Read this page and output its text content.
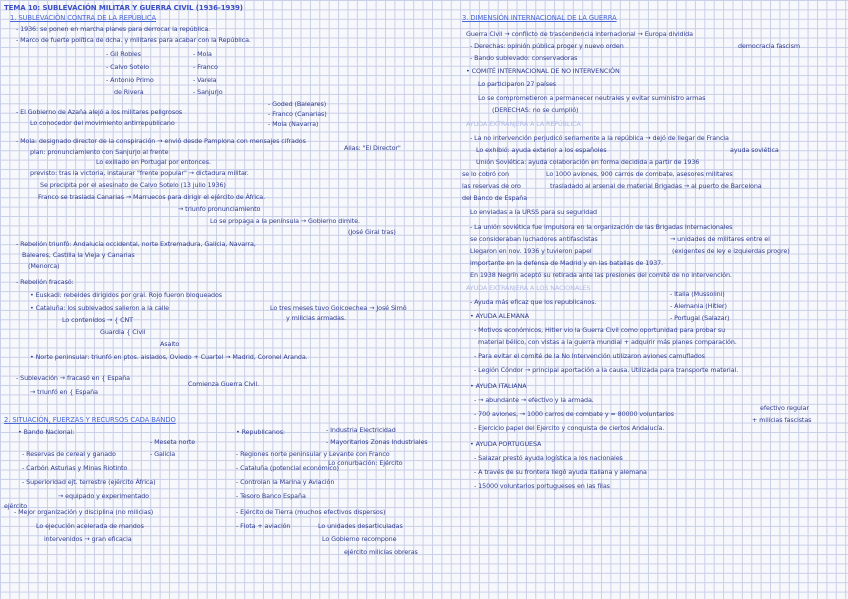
TEMA 10: SUBLEVACIÓN MILITAR Y GUERRA CIVIL (1936-1939)
1. SUBLEVACIÓN CONTRA DE LA REPÚBLICA
- 1936: se ponen en marcha planes para derrocar la república.
- Marco de fuerte política de dcha. y militares para acabar con la República.
- Gil Robles	- Mola
- Calvo Sotelo	- Franco
- Antonio Primo	- Varela
de Rivera	- Sanjurjo
- Goded (Baleares)
- El Gobierno de Azaña alejó a los militares peligrosos	- Franco (Canarias)
Lo conocedor del movimiento antirrepublicano	- Mola (Navarra)
- Mola: designado director de la conspiración → envió desde Pamplona con mensajes cifrados
Alias: "El Director"
plan: pronunciamiento con Sanjurjo al frente
Lo exiliado en Portugal por entonces.
previsto: tras la victoria, instaurar "frente popular" → dictadura militar.
Se precipita por el asesinato de Calvo Sotelo (13 julio 1936)
Franco se traslada Canarias → Marruecos para dirigir el ejército de África.
→ triunfo pronunciamiento
Lo se propaga a la península → Gobierno dimite.
(José Giral tras)
- Rebelión triunfó: Andalucía occidental, norte Extremadura, Galicia, Navarra,
Baleares, Castilla la Vieja y Canarias
(Menorca)
- Rebelión fracasó:
• Euskadi: rebeldes dirigidos por gral. Rojo fueron bloqueados
• Cataluña: los sublevados salieron a la calle	Lo tres meses tuvo Goicoechea → José Simó
Lo contenidos → { CNT	y milicias armadas.
Guardia { Civil
Asalto
• Norte peninsular: triunfó en ptos. aislados, Oviedo + Cuartel → Madrid, Coronel Aranda.
- Sublevación → fracasó en { España
→ triunfó en { España
Comienza Guerra Civil.
2. SITUACIÓN, FUERZAS Y RECURSOS CADA BANDO
• Bando Nacional:	• Republicanos:	- Industria Electricidad
- Meseta norte	- Mayoritarios Zonas Industriales
- Reservas de cereal y ganado	- Galicia	- Regiones norte peninsular y Levante con Franco
Lo conurbación: Ejército
- Carbón Asturias y Minas Riotinto	- Cataluña (potencial económico)
- Superioridad ejt. terrestre (ejército África)	- Controlan la Marina y Aviación
→ equipado y experimentado	- Tesoro Banco España
ejército
- Mejor organización y disciplina (no milicias)	- Ejército de Tierra (muchos efectivos dispersos)
Lo ejecución acelerada de mandos	- Flota + aviación	Lo unidades desarticuladas
intervenidos → gran eficacia	Lo Gobierno recompone
ejército milicias obreras
3. DIMENSIÓN INTERNACIONAL DE LA GUERRA
Guerra Civil → conflicto de trascendencia internacional → Europa dividida
- Derechas: opinión pública proger y nuevo orden	democracia fascism
- Bando sublevado: conservadoras
• COMITÉ INTERNACIONAL DE NO INTERVENCIÓN
Lo participaron 27 países
Lo se comprometieron a permanecer neutrales y evitar suministro armas
(DERECHAS: no se cumplió)
AYUDA EXTRANJERA A LA REPÚBLICA
- La no intervención perjudicó seriamente a la república → dejó de llegar de Francia
Lo exhibió: ayuda exterior a los españoles	ayuda soviética
Unión Soviética: ayuda colaboración en forma decidida a partir de 1936
se lo cobró con	Lo 1000 aviones, 900 carros de combate, asesores militares
las reservas de oro	trasladado al arsenal de material Brigadas → al puerto de Barcelona
del Banco de España
Lo enviadas a la URSS para su seguridad
- La unión soviética fue impulsora en la organización de las Brigadas Internacionales
se consideraban luchadores antifascistas	→ unidades de militares entre el
Llegaron en nov. 1936 y tuvieron papel	(exigentes de ley e izquierdas progre)
importante en la defensa de Madrid y en las batallas de 1937.
En 1938 Negrín aceptó su retirada ante las presiones del comité de no intervención.
AYUDA EXTRANJERA A LOS NACIONALES
- Italia (Mussolini)
- Ayuda más eficaz que los republicanos.	- Alemania (Hitler)
• AYUDA ALEMANA	- Portugal (Salazar)
- Motivos económicos, Hitler vio la Guerra Civil como oportunidad para probar su
material bélico, con vistas a la guerra mundial + adquirir más planes comparación.
- Para evitar el comité de la No Intervención utilizaron aviones camuflados
- Legión Cóndor → principal aportación a la causa. Utilizada para transporte material.
• AYUDA ITALIANA
- → abundante → efectivo y la armada.
efectivo regular
- 700 aviones, → 1000 carros de combate y ≈ 80000 voluntarios
+ milicias fascistas
- Ejercicio papel del Ejercito y conquista de ciertos Andalucía.
• AYUDA PORTUGUESA
- Salazar prestó ayuda logística a los nacionales
- A través de su frontera llegó ayuda italiana y alemana
- 15000 voluntarios portugueses en las filas
